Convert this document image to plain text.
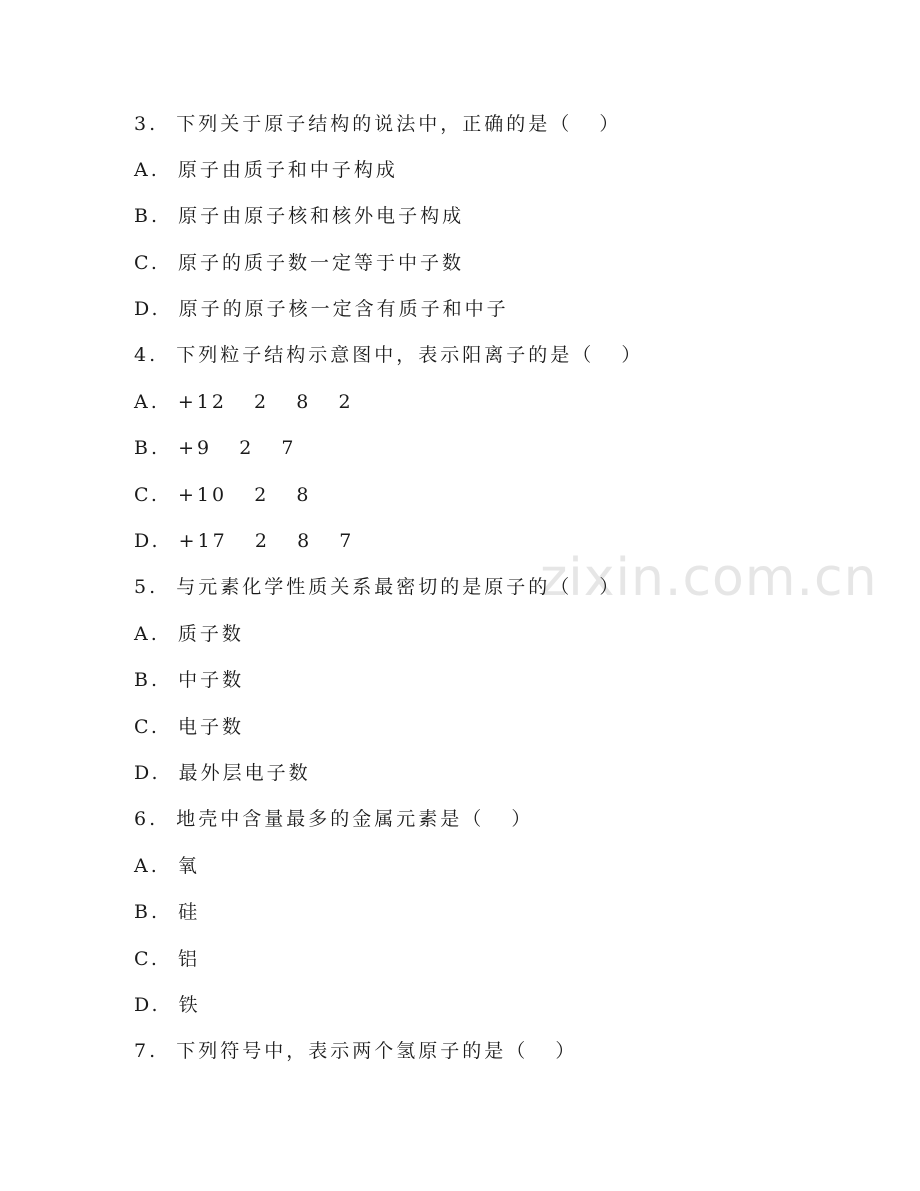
zixin.com.cn
3.  下列关于原子结构的说法中，正确的是（   ）
A.  原子由质子和中子构成
B.  原子由原子核和核外电子构成
C.  原子的质子数一定等于中子数
D.  原子的原子核一定含有质子和中子
4.  下列粒子结构示意图中，表示阳离子的是（   ）
A.  +12   2   8   2
B.  +9   2   7
C.  +10   2   8
D.  +17   2   8   7
5.  与元素化学性质关系最密切的是原子的（   ）
A.  质子数
B.  中子数
C.  电子数
D.  最外层电子数
6.  地壳中含量最多的金属元素是（   ）
A.  氧
B.  硅
C.  铝
D.  铁
7.  下列符号中，表示两个氢原子的是（   ）
